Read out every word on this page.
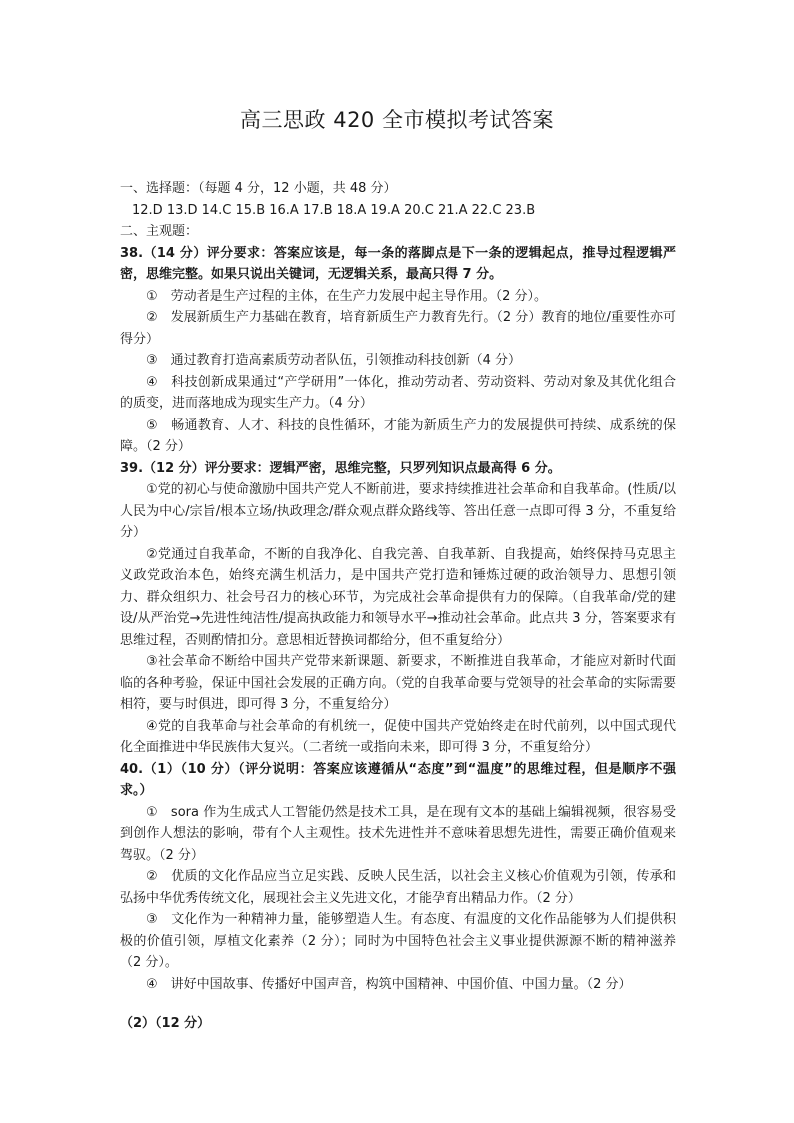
高三思政 420 全市模拟考试答案

一、选择题：（每题 4 分，12 小题，共 48 分）

12.D 13.D 14.C 15.B 16.A 17.B 18.A 19.A 20.C 21.A 22.C 23.B

二、主观题：

38.（14 分）评分要求：答案应该是，每一条的落脚点是下一条的逻辑起点，推导过程逻辑严密，思维完整。如果只说出关键词，无逻辑关系，最高只得 7 分。

①　劳动者是生产过程的主体，在生产力发展中起主导作用。（2 分）。

②　发展新质生产力基础在教育，培育新质生产力教育先行。（2 分）教育的地位/重要性亦可得分）

③　通过教育打造高素质劳动者队伍，引领推动科技创新（4 分）

④　科技创新成果通过“产学研用”一体化，推动劳动者、劳动资料、劳动对象及其优化组合的质变，进而落地成为现实生产力。（4 分）

⑤　畅通教育、人才、科技的良性循环，才能为新质生产力的发展提供可持续、成系统的保障。（2 分）

39.（12 分）评分要求：逻辑严密，思维完整，只罗列知识点最高得 6 分。

①党的初心与使命激励中国共产党人不断前进，要求持续推进社会革命和自我革命。(性质/以人民为中心/宗旨/根本立场/执政理念/群众观点群众路线等、答出任意一点即可得 3 分，不重复给分）

②党通过自我革命，不断的自我净化、自我完善、自我革新、自我提高，始终保持马克思主义政党政治本色，始终充满生机活力，是中国共产党打造和锤炼过硬的政治领导力、思想引领力、群众组织力、社会号召力的核心环节，为完成社会革命提供有力的保障。（自我革命/党的建设/从严治党→先进性纯洁性/提高执政能力和领导水平→推动社会革命。此点共 3 分，答案要求有思维过程，否则酌情扣分。意思相近替换词都给分，但不重复给分）

③社会革命不断给中国共产党带来新课题、新要求，不断推进自我革命，才能应对新时代面临的各种考验，保证中国社会发展的正确方向。（党的自我革命要与党领导的社会革命的实际需要相符，要与时俱进，即可得 3 分，不重复给分）

④党的自我革命与社会革命的有机统一，促使中国共产党始终走在时代前列，以中国式现代化全面推进中华民族伟大复兴。（二者统一或指向未来，即可得 3 分，不重复给分）

40.（1）（10 分）（评分说明：答案应该遵循从“态度”到“温度”的思维过程，但是顺序不强求。）

①　sora 作为生成式人工智能仍然是技术工具，是在现有文本的基础上编辑视频，很容易受到创作人想法的影响，带有个人主观性。技术先进性并不意味着思想先进性，需要正确价值观来驾驭。（2 分）

②　优质的文化作品应当立足实践、反映人民生活，以社会主义核心价值观为引领，传承和弘扬中华优秀传统文化，展现社会主义先进文化，才能孕育出精品力作。（2 分）

③　文化作为一种精神力量，能够塑造人生。有态度、有温度的文化作品能够为人们提供积极的价值引领，厚植文化素养（2 分）；同时为中国特色社会主义事业提供源源不断的精神滋养（2 分）。

④　讲好中国故事、传播好中国声音，构筑中国精神、中国价值、中国力量。（2 分）

（2）（12 分）
